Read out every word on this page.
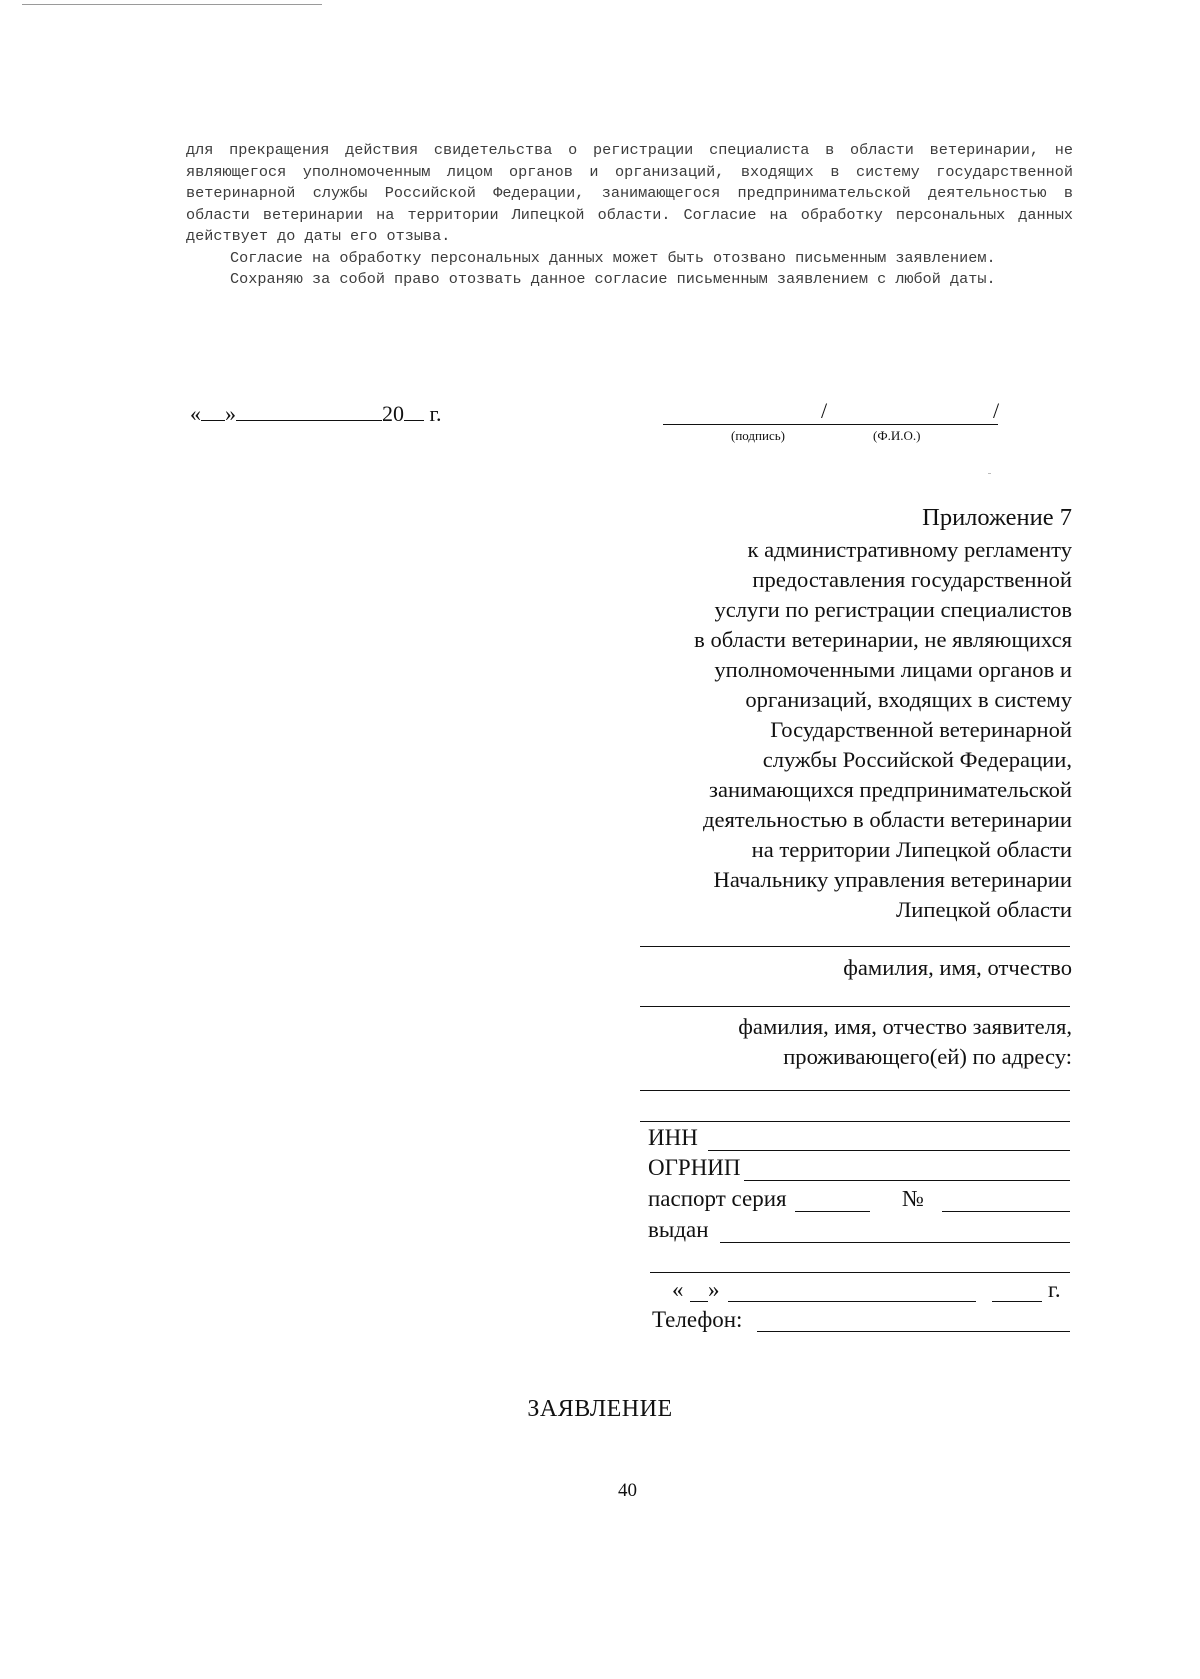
для прекращения действия свидетельства о регистрации специалиста в области ветеринарии, не являющегося уполномоченным лицом органов и организаций, входящих в систему государственной ветеринарной службы Российской Федерации, занимающегося предпринимательской деятельностью в области ветеринарии на территории Липецкой области. Согласие на обработку персональных данных действует до даты его отзыва.

Согласие на обработку персональных данных может быть отозвано письменным заявлением.

Сохраняю за собой право отозвать данное согласие письменным заявлением с любой даты.

« »	20 г.	/	/
(подпись)	(Ф.И.О.)
Приложение 7
к административному регламенту
предоставления государственной
услуги по регистрации специалистов
в области ветеринарии, не являющихся
уполномоченными лицами органов и
организаций, входящих в систему
Государственной ветеринарной
службы Российской Федерации,
занимающихся предпринимательской
деятельностью в области ветеринарии
на территории Липецкой области
Начальнику управления ветеринарии
Липецкой области
фамилия, имя, отчество
фамилия, имя, отчество заявителя,
проживающего(ей) по адресу:
ИНН
ОГРНИП
паспорт серия	№
выдан
« »	г.
Телефон:
ЗАЯВЛЕНИЕ
40
